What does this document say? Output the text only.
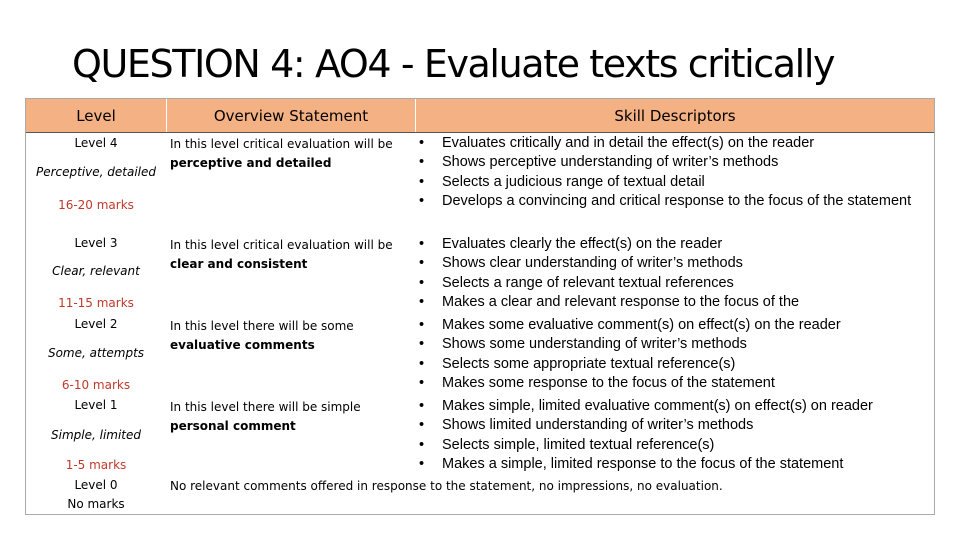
QUESTION 4: AO4 - Evaluate texts critically
Level	Overview Statement	Skill Descriptors
Level 4
Perceptive, detailed
16-20 marks
In this level critical evaluation will be
perceptive and detailed
• Evaluates critically and in detail the effect(s) on the reader
• Shows perceptive understanding of writer’s methods
• Selects a judicious range of textual detail
• Develops a convincing and critical response to the focus of the statement
Level 3
Clear, relevant
11-15 marks
In this level critical evaluation will be
clear and consistent
• Evaluates clearly the effect(s) on the reader
• Shows clear understanding of writer’s methods
• Selects a range of relevant textual references
• Makes a clear and relevant response to the focus of the
Level 2
Some, attempts
6-10 marks
In this level there will be some
evaluative comments
• Makes some evaluative comment(s) on effect(s) on the reader
• Shows some understanding of writer’s methods
• Selects some appropriate textual reference(s)
• Makes some response to the focus of the statement
Level 1
Simple, limited
1-5 marks
In this level there will be simple
personal comment
• Makes simple, limited evaluative comment(s) on effect(s) on reader
• Shows limited understanding of writer’s methods
• Selects simple, limited textual reference(s)
• Makes a simple, limited response to the focus of the statement
Level 0
No marks
No relevant comments offered in response to the statement, no impressions, no evaluation.
